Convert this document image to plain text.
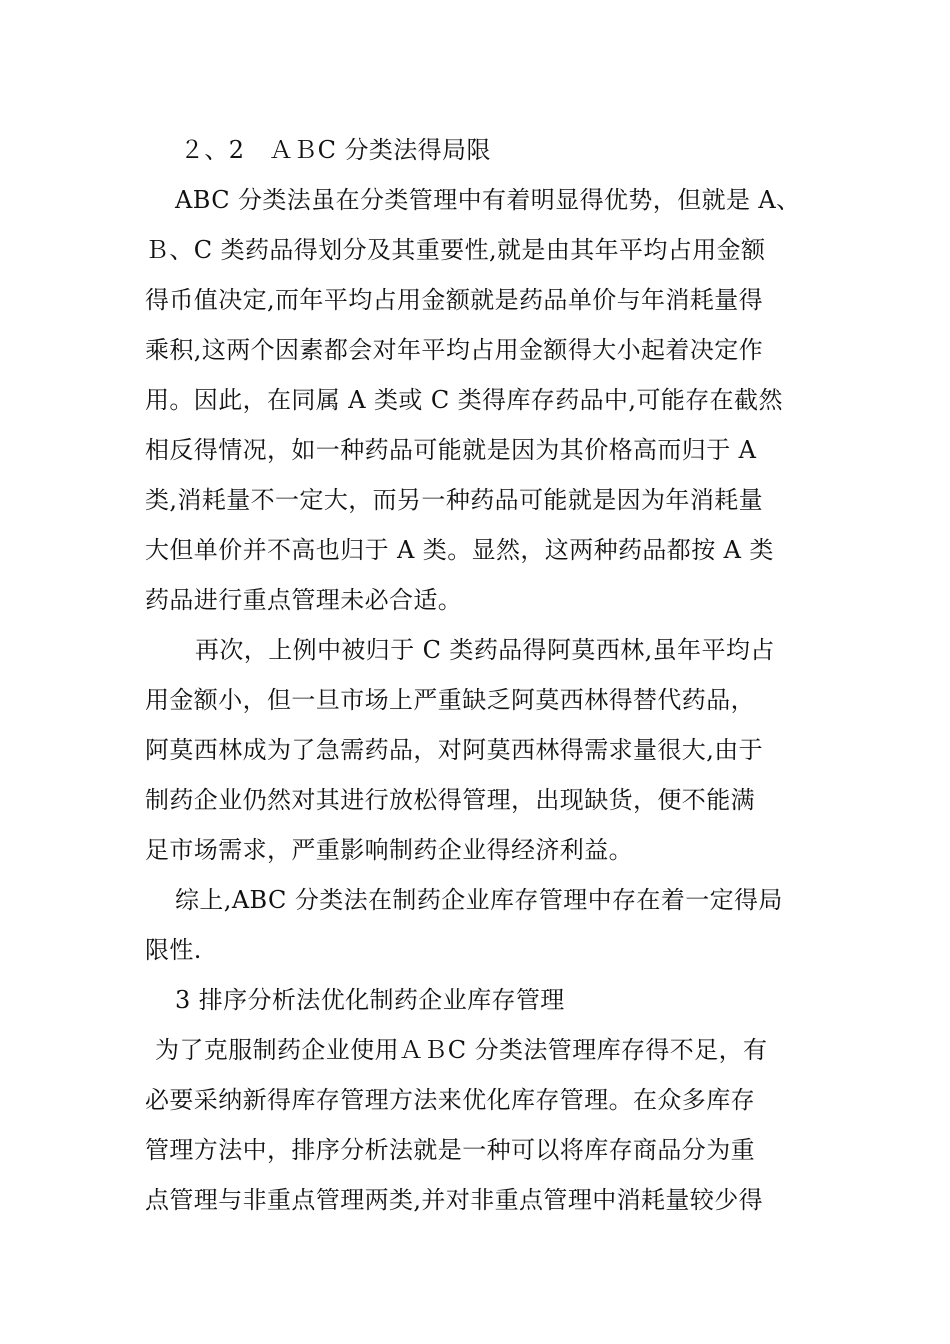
２、2　ＡＢC 分类法得局限
ABC 分类法虽在分类管理中有着明显得优势，但就是 A、
Ｂ、C 类药品得划分及其重要性,就是由其年平均占用金额
得币值决定,而年平均占用金额就是药品单价与年消耗量得
乘积,这两个因素都会对年平均占用金额得大小起着决定作
用。因此，在同属 A 类或 C 类得库存药品中,可能存在截然
相反得情况，如一种药品可能就是因为其价格高而归于 A
类,消耗量不一定大，而另一种药品可能就是因为年消耗量
大但单价并不高也归于 A 类。显然，这两种药品都按 A 类
药品进行重点管理未必合适。
再次，上例中被归于 C 类药品得阿莫西林,虽年平均占
用金额小，但一旦市场上严重缺乏阿莫西林得替代药品，
阿莫西林成为了急需药品，对阿莫西林得需求量很大,由于
制药企业仍然对其进行放松得管理，出现缺货，便不能满
足市场需求，严重影响制药企业得经济利益。
综上,ABC 分类法在制药企业库存管理中存在着一定得局
限性.
3 排序分析法优化制药企业库存管理
为了克服制药企业使用ＡＢC 分类法管理库存得不足，有
必要采纳新得库存管理方法来优化库存管理。在众多库存
管理方法中，排序分析法就是一种可以将库存商品分为重
点管理与非重点管理两类,并对非重点管理中消耗量较少得
